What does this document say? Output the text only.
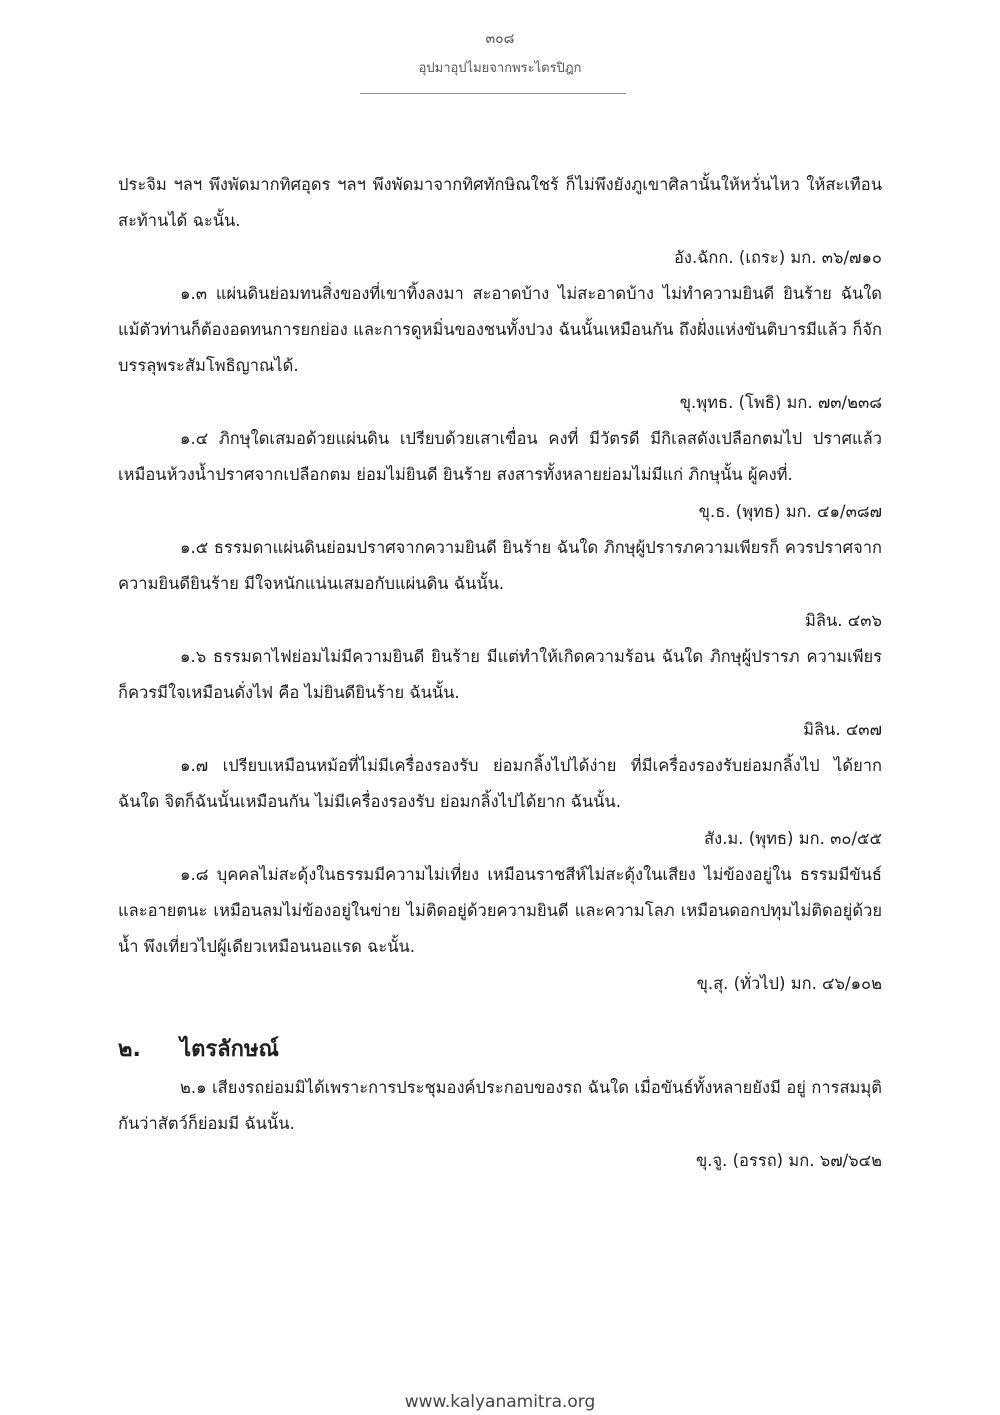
๓๐๘
อุปมาอุปไมยจากพระไตรปิฎก

ประจิม ฯลฯ พึงพัดมากทิศอุดร ฯลฯ พึงพัดมาจากทิศทักษิณใชร้ ก็ไม่พึงยังภูเขาศิลานั้นให้หวั่นไหว ให้สะเทือนสะท้านได้ ฉะนั้น.

อัง.ฉักก. (เถระ) มก. ๓๖/๗๑๐

๑.๓ แผ่นดินย่อมทนสิ่งของที่เขาทิ้งลงมา สะอาดบ้าง ไม่สะอาดบ้าง ไม่ทำความยินดี ยินร้าย ฉันใด แม้ตัวท่านก็ต้องอดทนการยกย่อง และการดูหมิ่นของชนทั้งปวง ฉันนั้นเหมือนกัน ถึงฝั่งแห่งขันติบารมีแล้ว ก็จักบรรลุพระสัมโพธิญาณได้.

ขุ.พุทธ. (โพธิ) มก. ๗๓/๒๓๘

๑.๔ ภิกษุใดเสมอด้วยแผ่นดิน เปรียบด้วยเสาเขื่อน คงที่ มีวัตรดี มีกิเลสดังเปลือกตมไป ปราศแล้ว เหมือนห้วงน้ำปราศจากเปลือกตม ย่อมไม่ยินดี ยินร้าย สงสารทั้งหลายย่อมไม่มีแก่ ภิกษุนั้น ผู้คงที่.

ขุ.ธ. (พุทธ) มก. ๔๑/๓๘๗

๑.๕ ธรรมดาแผ่นดินย่อมปราศจากความยินดี ยินร้าย ฉันใด ภิกษุผู้ปรารภความเพียรก็ ควรปราศจากความยินดียินร้าย มีใจหนักแน่นเสมอกับแผ่นดิน ฉันนั้น.

มิลิน. ๔๓๖

๑.๖ ธรรมดาไฟย่อมไม่มีความยินดี ยินร้าย มีแต่ทำให้เกิดความร้อน ฉันใด ภิกษุผู้ปรารภ ความเพียรก็ควรมีใจเหมือนดั่งไฟ คือ ไม่ยินดียินร้าย ฉันนั้น.

มิลิน. ๔๓๗

๑.๗ เปรียบเหมือนหม้อที่ไม่มีเครื่องรองรับ ย่อมกลิ้งไปได้ง่าย ที่มีเครื่องรองรับย่อมกลิ้งไป ได้ยาก ฉันใด จิตก็ฉันนั้นเหมือนกัน ไม่มีเครื่องรองรับ ย่อมกลิ้งไปได้ยาก ฉันนั้น.

สัง.ม. (พุทธ) มก. ๓๐/๕๕

๑.๘ บุคคลไม่สะดุ้งในธรรมมีความไม่เที่ยง เหมือนราชสีห์ไม่สะดุ้งในเสียง ไม่ข้องอยู่ใน ธรรมมีขันธ์ และอายตนะ เหมือนลมไม่ข้องอยู่ในข่าย ไม่ติดอยู่ด้วยความยินดี และความโลภ เหมือนดอกปทุมไม่ติดอยู่ด้วยน้ำ พึงเที่ยวไปผู้เดียวเหมือนนอแรด ฉะนั้น.

ขุ.สุ. (ทั่วไป) มก. ๔๖/๑๐๒
๒.	ไตรลักษณ์

๒.๑ เสียงรถย่อมมิได้เพราะการประชุมองค์ประกอบของรถ ฉันใด เมื่อขันธ์ทั้งหลายยังมี อยู่ การสมมุติกันว่าสัตว์ก็ย่อมมี ฉันนั้น.

ขุ.จู. (อรรถ) มก. ๖๗/๖๔๒
www.kalyanamitra.org
